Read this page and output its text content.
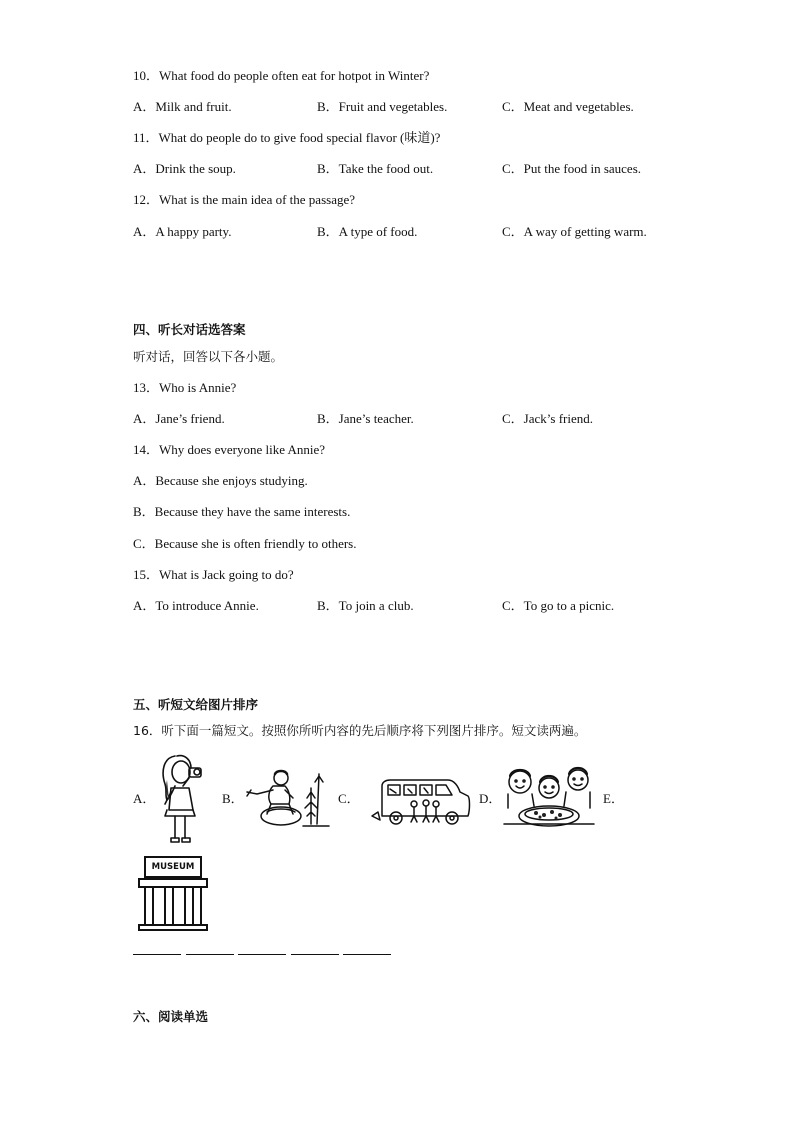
10．What food do people often eat for hotpot in Winter?
A．Milk and fruit.	B．Fruit and vegetables.	C．Meat and vegetables.
11．What do people do to give food special flavor (味道)?
A．Drink the soup.	B．Take the food out.	C．Put the food in sauces.
12．What is the main idea of the passage?
A．A happy party.	B．A type of food.	C．A way of getting warm.
四、听长对话选答案
听对话，回答以下各小题。
13．Who is Annie?
A．Jane’s friend.	B．Jane’s teacher.	C．Jack’s friend.
14．Why does everyone like Annie?
A．Because she enjoys studying.
B．Because they have the same interests.
C．Because she is often friendly to others.
15．What is Jack going to do?
A．To introduce Annie.	B．To join a club.	C．To go to a picnic.
五、听短文给图片排序
16．听下面一篇短文。按照你所听内容的先后顺序将下列图片排序。短文读两遍。
A．	B．	C．	D．	E．
MUSEUM
六、阅读单选
